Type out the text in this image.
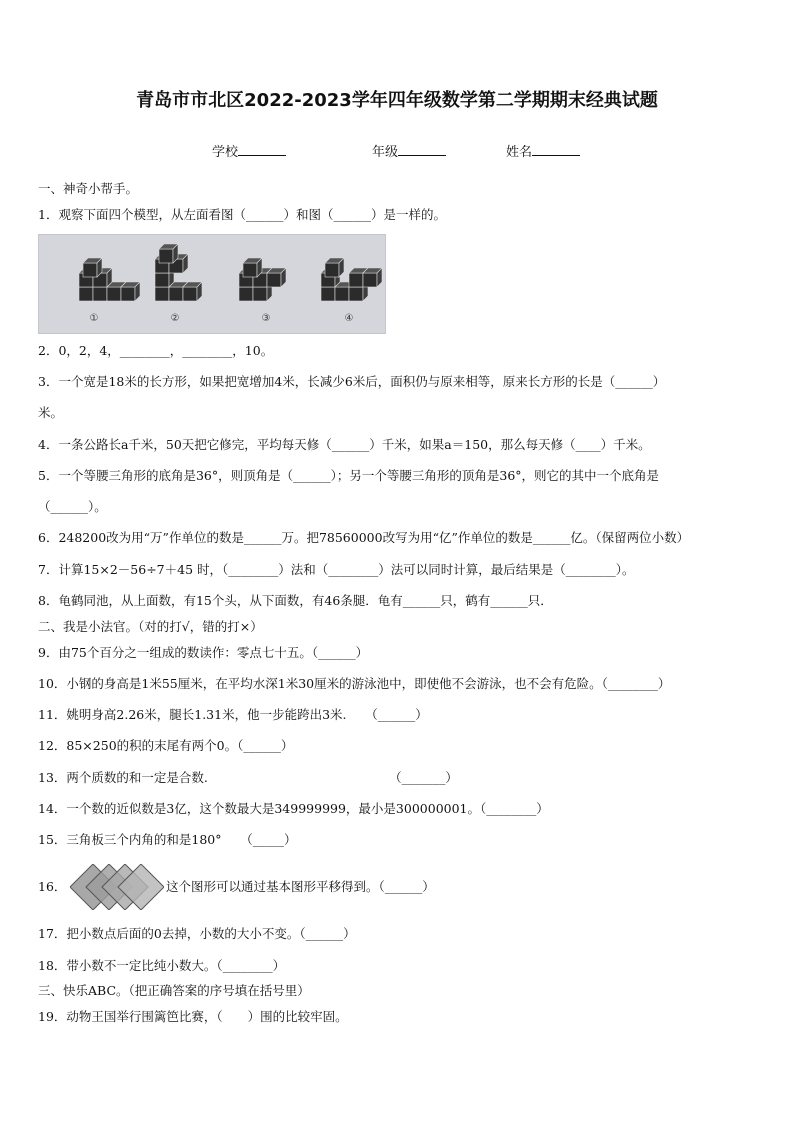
青岛市市北区2022-2023学年四年级数学第二学期期末经典试题
学校	年级	姓名
一、神奇小帮手。
1．观察下面四个模型，从左面看图（______）和图（______）是一样的。
①	②	③	④
2．0，2，4，________，________，10。
3．一个宽是18米的长方形，如果把宽增加4米，长减少6米后，面积仍与原来相等，原来长方形的长是（______）
米。
4．一条公路长a千米，50天把它修完，平均每天修（______）千米，如果a＝150，那么每天修（____）千米。
5．一个等腰三角形的底角是36°，则顶角是（______）；另一个等腰三角形的顶角是36°，则它的其中一个底角是
（______）。
6．248200改为用“万”作单位的数是______万。把78560000改写为用“亿”作单位的数是______亿。（保留两位小数）
7．计算15×2－56÷7＋45 时，（________）法和（________）法可以同时计算，最后结果是（________）。
8．龟鹤同池，从上面数，有15个头，从下面数，有46条腿．龟有______只，鹤有______只．
二、我是小法官。（对的打√，错的打×）
9．由75个百分之一组成的数读作：零点七十五。（______）
10．小钢的身高是1米55厘米，在平均水深1米30厘米的游泳池中，即使他不会游泳，也不会有危险。（________）
11．姚明身高2.26米，腿长1.31米，他一步能跨出3米.　　（______）
12．85×250的积的末尾有两个0。（______）
13．两个质数的和一定是合数.　　　　　　　　　　　　　　　（_______）
14．一个数的近似数是3亿，这个数最大是349999999，最小是300000001。（________）
15．三角板三个内角的和是180°　　（_____）
16．	这个图形可以通过基本图形平移得到。（______）
17．把小数点后面的0去掉，小数的大小不变。（______）
18．带小数不一定比纯小数大。（________）
三、快乐ABC。（把正确答案的序号填在括号里）
19．动物王国举行围篱笆比赛，（　　）围的比较牢固。
